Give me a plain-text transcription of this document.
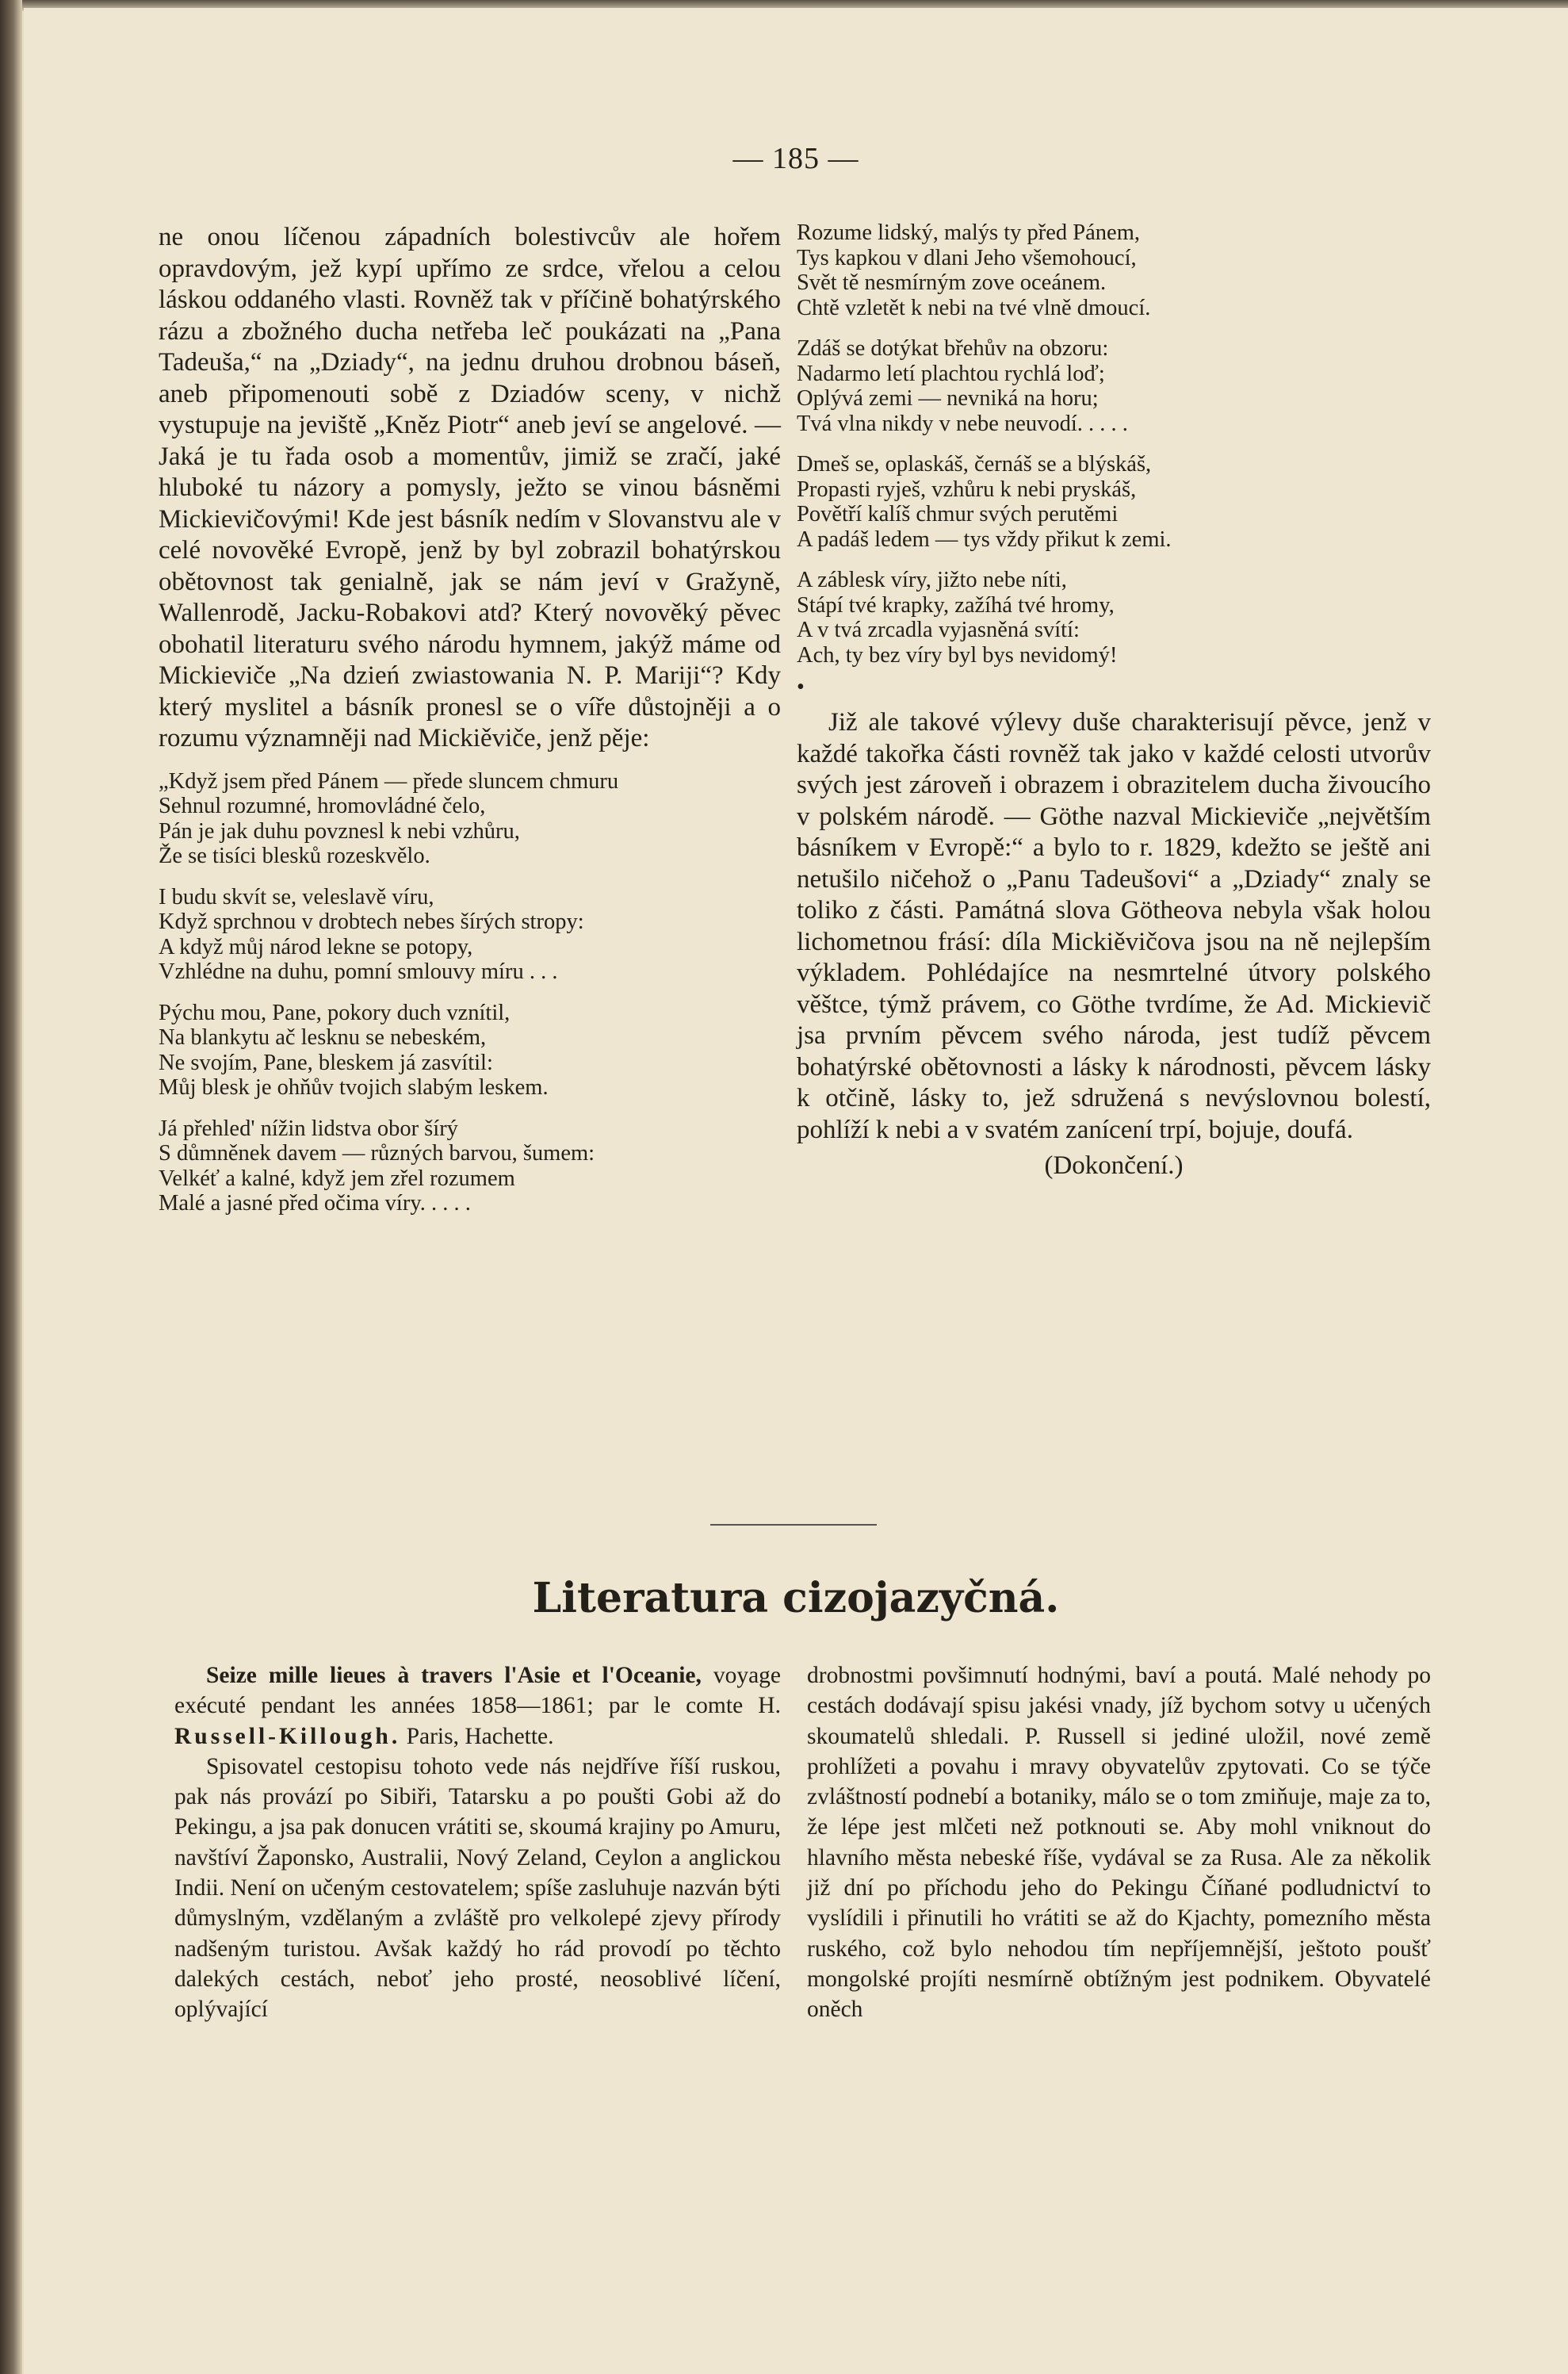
— 185 —

ne onou líčenou západních bolestivcův ale hořem opravdovým, jež kypí upřímo ze srdce, vřelou a celou láskou oddaného vlasti. Rovněž tak v příčině bohatýrského rázu a zbožného ducha netřeba leč poukázati na „Pana Tadeuša,“ na „Dziady“, na jednu druhou drobnou báseň, aneb připomenouti sobě z Dziadów sceny, v nichž vystupuje na jeviště „Kněz Piotr“ aneb jeví se angelové. — Jaká je tu řada osob a momentův, jimiž se zračí, jaké hluboké tu názory a pomysly, ježto se vinou básněmi Mickievičovými! Kde jest básník nedím v Slovanstvu ale v celé novověké Evropě, jenž by byl zobrazil bohatýrskou obětovnost tak genialně, jak se nám jeví v Gražyně, Wallenrodě, Jacku-Robakovi atd? Který novověký pěvec obohatil literaturu svého národu hymnem, jakýž máme od Mickieviče „Na dzień zwiastowania N. P. Mariji“? Kdy který myslitel a básník pronesl se o víře důstojněji a o rozumu významněji nad Mickiěviče, jenž pěje:

„Když jsem před Pánem — přede sluncem chmuru
Sehnul rozumné, hromovládné čelo,
Pán je jak duhu povznesl k nebi vzhůru,
Že se tisíci blesků rozeskvělo.
I budu skvít se, veleslavě víru,
Když sprchnou v drobtech nebes šírých stropy:
A když můj národ lekne se potopy,
Vzhlédne na duhu, pomní smlouvy míru . . .
Pýchu mou, Pane, pokory duch vznítil,
Na blankytu ač lesknu se nebeském,
Ne svojím, Pane, bleskem já zasvítil:
Můj blesk je ohňův tvojich slabým leskem.
Já přehled' nížin lidstva obor šírý
S důmněnek davem — různých barvou, šumem:
Velkéť a kalné, když jem zřel rozumem
Malé a jasné před očima víry. . . . .
Rozume lidský, malýs ty před Pánem,
Tys kapkou v dlani Jeho všemohoucí,
Svět tě nesmírným zove oceánem.
Chtě vzletět k nebi na tvé vlně dmoucí.
Zdáš se dotýkat břehův na obzoru:
Nadarmo letí plachtou rychlá loď;
Oplývá zemi — nevniká na horu;
Tvá vlna nikdy v nebe neuvodí. . . . .
Dmeš se, oplaskáš, černáš se a blýskáš,
Propasti ryješ, vzhůru k nebi pryskáš,
Povětří kalíš chmur svých perutěmi
A padáš ledem — tys vždy přikut k zemi.
A záblesk víry, jižto nebe níti,
Stápí tvé krapky, zažíhá tvé hromy,
A v tvá zrcadla vyjasněná svítí:
Ach, ty bez víry byl bys nevidomý!
•

Již ale takové výlevy duše charakterisují pěvce, jenž v každé takořka části rovněž tak jako v každé celosti utvorův svých jest zároveň i obrazem i obrazitelem ducha živoucího v polském národě. — Göthe nazval Mickieviče „největším básníkem v Evropě:“ a bylo to r. 1829, kdežto se ještě ani netušilo ničehož o „Panu Tadeušovi“ a „Dziady“ znaly se toliko z části. Památná slova Götheova nebyla však holou lichometnou frásí: díla Mickiěvičova jsou na ně nejlepším výkladem. Pohlédajíce na nesmrtelné útvory polského věštce, týmž právem, co Göthe tvrdíme, že Ad. Mickievič jsa prvním pěvcem svého národa, jest tudíž pěvcem bohatýrské obětovnosti a lásky k národnosti, pěvcem lásky k otčině, lásky to, jež sdružená s nevýslovnou bolestí, pohlíží k nebi a v svatém zanícení trpí, bojuje, doufá.

(Dokončení.)
Literatura cizojazyčná.

Seize mille lieues à travers l'Asie et l'Oceanie, voyage exécuté pendant les années 1858—1861; par le comte H. Russell-Killough. Paris, Hachette.

Spisovatel cestopisu tohoto vede nás nejdříve říší ruskou, pak nás provází po Sibiři, Tatarsku a po poušti Gobi až do Pekingu, a jsa pak donucen vrátiti se, skoumá krajiny po Amuru, navštíví Žaponsko, Australii, Nový Zeland, Ceylon a anglickou Indii. Není on učeným cestovatelem; spíše zasluhuje nazván býti důmyslným, vzdělaným a zvláště pro velkolepé zjevy přírody nadšeným turistou. Avšak každý ho rád provodí po těchto dalekých cestách, neboť jeho prosté, neosoblivé líčení, oplývající

drobnostmi povšimnutí hodnými, baví a poutá. Malé nehody po cestách dodávají spisu jakési vnady, jíž bychom sotvy u učených skoumatelů shledali. P. Russell si jediné uložil, nové země prohlížeti a povahu i mravy obyvatelův zpytovati. Co se týče zvláštností podnebí a botaniky, málo se o tom zmiňuje, maje za to, že lépe jest mlčeti než potknouti se. Aby mohl vniknout do hlavního města nebeské říše, vydával se za Rusa. Ale za několik již dní po příchodu jeho do Pekingu Číňané podludnictví to vyslídili i přinutili ho vrátiti se až do Kjachty, pomezního města ruského, což bylo nehodou tím nepříjemnější, ještoto poušť mongolské projíti nesmírně obtížným jest podnikem. Obyvatelé oněch
